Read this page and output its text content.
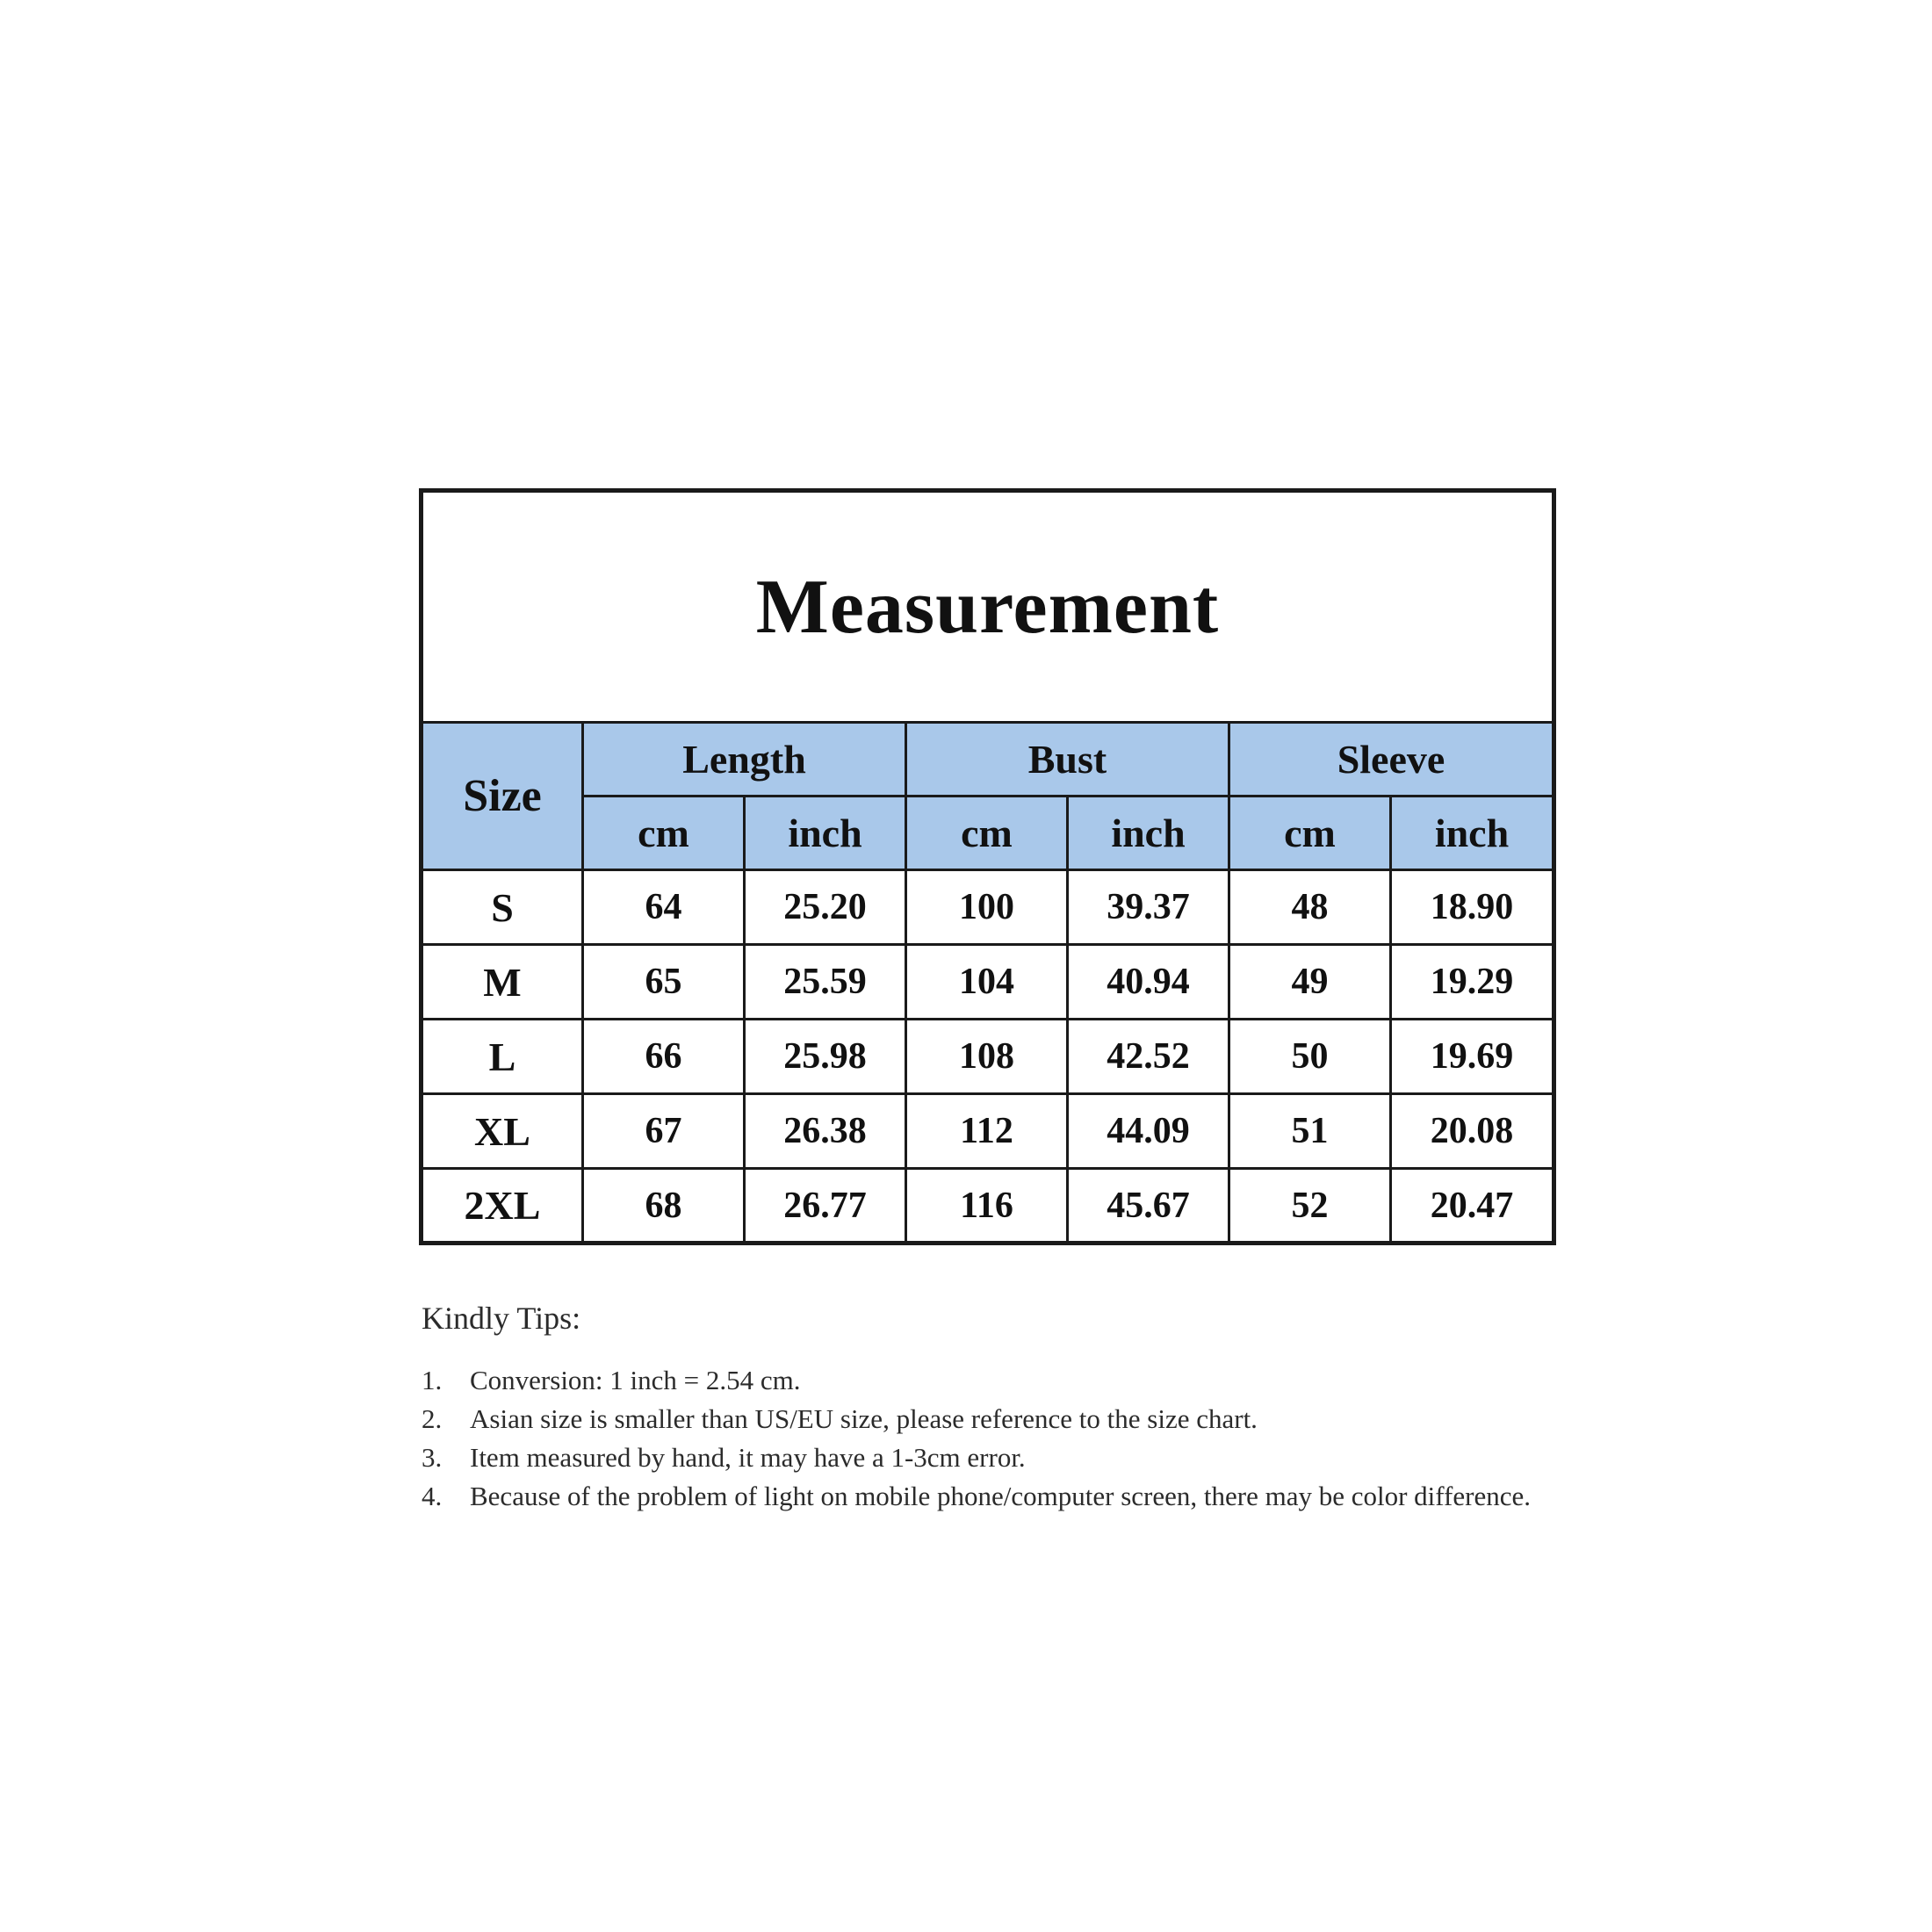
Measurement						
Size	Length		Bust		Sleeve	
	cm	inch	cm	inch	cm	inch
S	64	25.20	100	39.37	48	18.90
M	65	25.59	104	40.94	49	19.29
L	66	25.98	108	42.52	50	19.69
XL	67	26.38	112	44.09	51	20.08
2XL	68	26.77	116	45.67	52	20.47
Kindly Tips:
1.	Conversion: 1 inch = 2.54 cm.
2.	Asian size is smaller than US/EU size, please reference to the size chart.
3.	Item measured by hand, it may have a 1-3cm error.
4.	Because of the problem of light on mobile phone/computer screen, there may be color difference.
